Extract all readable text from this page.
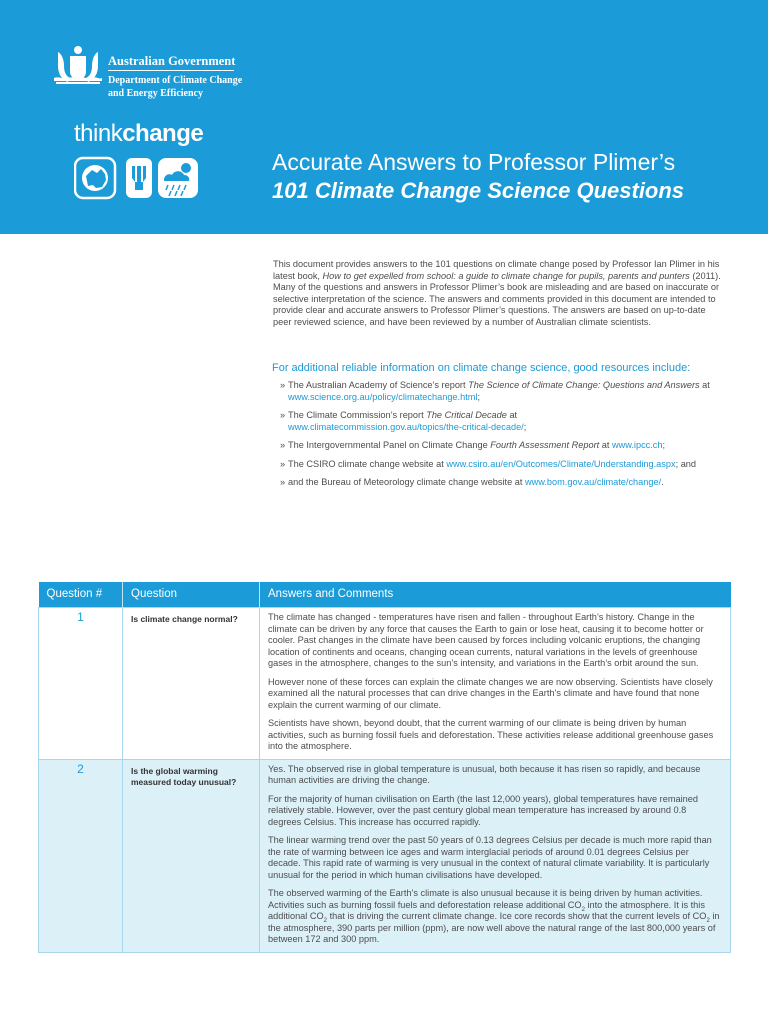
Australian Government
Department of Climate Change
and Energy Efficiency
thinkchange
Accurate Answers to Professor Plimer’s
101 Climate Change Science Questions
This document provides answers to the 101 questions on climate change posed by Professor Ian Plimer in his latest book, How to get expelled from school: a guide to climate change for pupils, parents and punters (2011). Many of the questions and answers in Professor Plimer’s book are misleading and are based on inaccurate or selective interpretation of the science. The answers and comments provided in this document are intended to provide clear and accurate answers to Professor Plimer’s questions. The answers are based on up-to-date peer reviewed science, and have been reviewed by a number of Australian climate scientists.
For additional reliable information on climate change science, good resources include:
» The Australian Academy of Science’s report The Science of Climate Change: Questions and Answers at www.science.org.au/policy/climatechange.html;
» The Climate Commission’s report The Critical Decade at
www.climatecommission.gov.au/topics/the-critical-decade/;
» The Intergovernmental Panel on Climate Change Fourth Assessment Report at www.ipcc.ch;
» The CSIRO climate change website at www.csiro.au/en/Outcomes/Climate/Understanding.aspx; and
» and the Bureau of Meteorology climate change website at www.bom.gov.au/climate/change/.
Question #	Question	Answers and Comments
1	Is climate change normal?	The climate has changed - temperatures have risen and fallen - throughout Earth’s history. Change in the climate can be driven by any force that causes the Earth to gain or lose heat, causing it to become hotter or cooler. Past changes in the climate have been caused by forces including volcanic eruptions, the changing location of continents and oceans, changing ocean currents, natural variations in the levels of greenhouse gases in the atmosphere, changes to the sun’s intensity, and variations in the Earth’s orbit around the sun.

However none of these forces can explain the climate changes we are now observing. Scientists have closely examined all the natural processes that can drive changes in the Earth’s climate and have found that none explain the current warming of our climate.

Scientists have shown, beyond doubt, that the current warming of our climate is being driven by human activities, such as burning fossil fuels and deforestation. These activities release additional greenhouse gases into the atmosphere.

2	Is the global warming measured today unusual?	Yes. The observed rise in global temperature is unusual, both because it has risen so rapidly, and because human activities are driving the change.

For the majority of human civilisation on Earth (the last 12,000 years), global temperatures have remained relatively stable. However, over the past century global mean temperature has increased by around 0.8 degrees Celsius. This increase has occurred rapidly.

The linear warming trend over the past 50 years of 0.13 degrees Celsius per decade is much more rapid than the rate of warming between ice ages and warm interglacial periods of around 0.01 degrees Celsius per decade. This rapid rate of warming is very unusual in the context of natural climate variability. It is particularly unusual for the period in which human civilisations have developed.

The observed warming of the Earth’s climate is also unusual because it is being driven by human activities. Activities such as burning fossil fuels and deforestation release additional $CO_2$ into the atmosphere. It is this additional $CO_2$ that is driving the current climate change. Ice core records show that the current levels of $CO_2$ in the atmosphere, 390 parts per million (ppm), are now well above the natural range of the last 800,000 years of between 172 and 300 ppm.
